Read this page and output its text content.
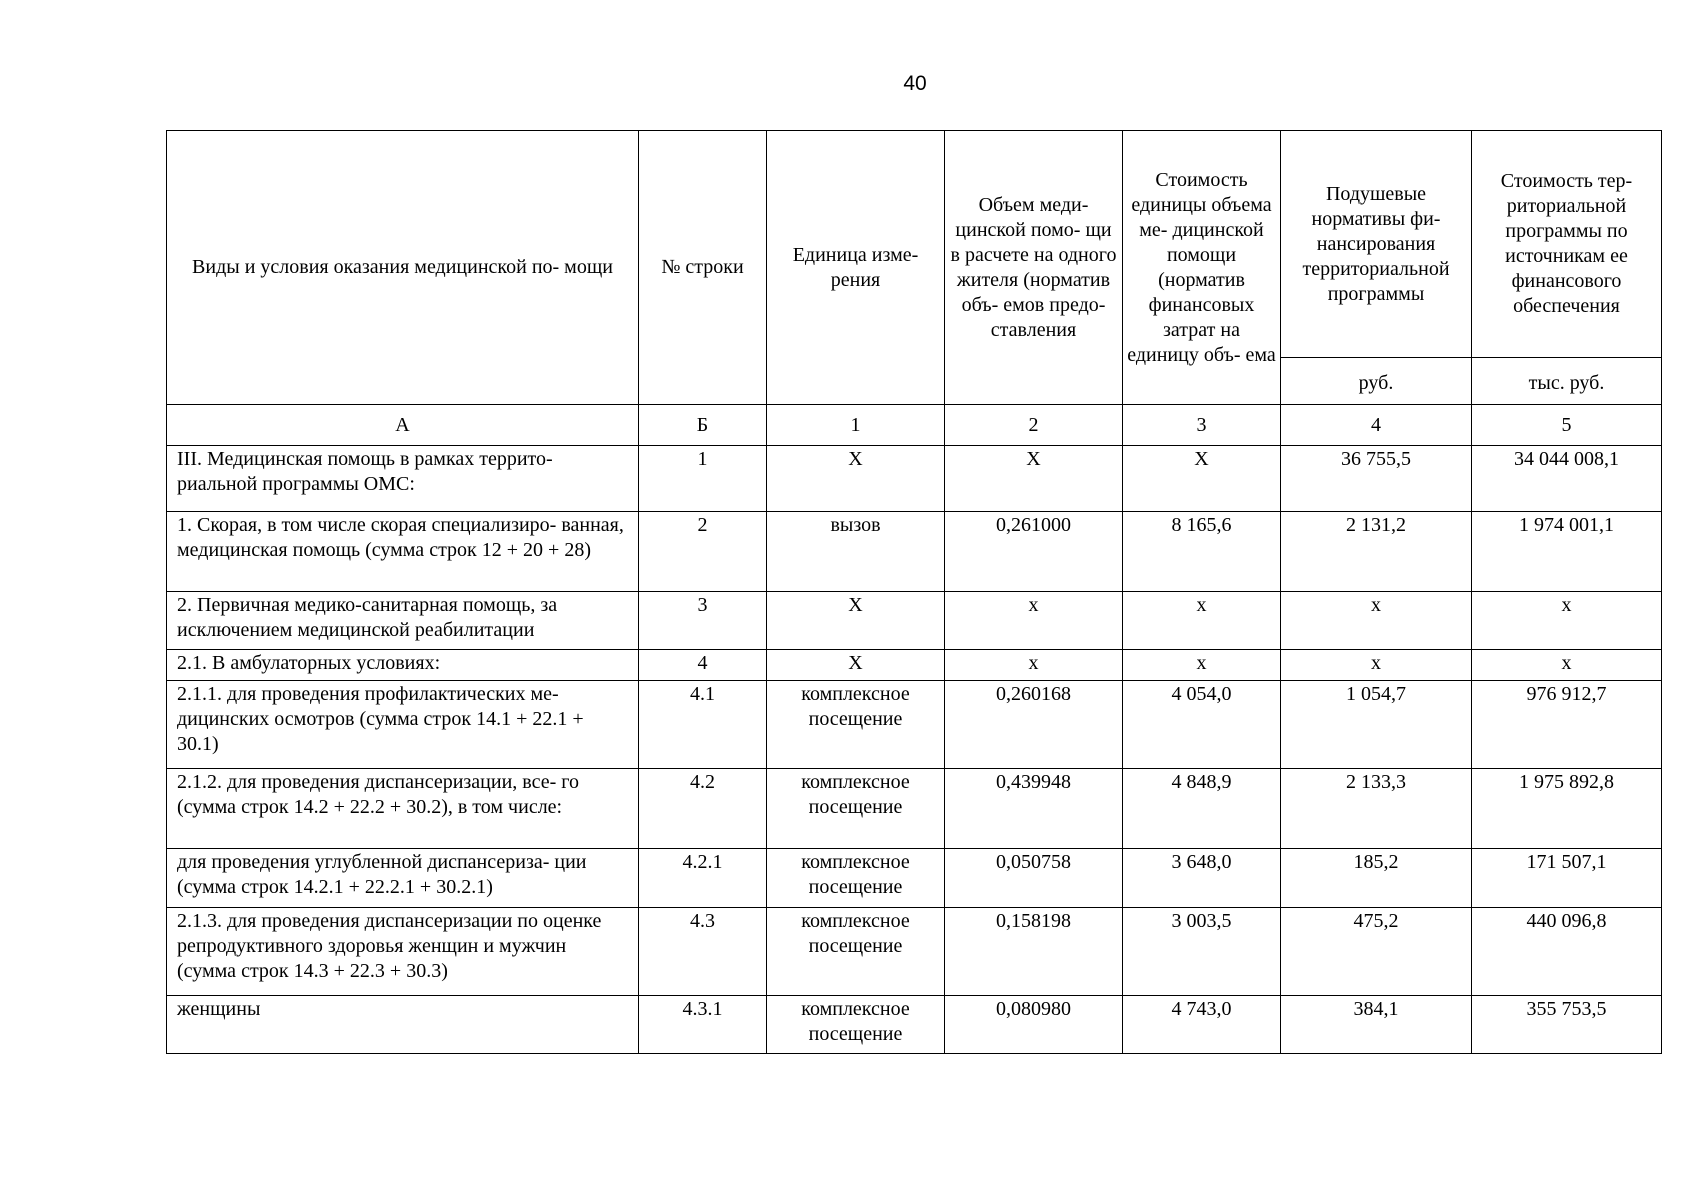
40
Виды и условия оказания медицинской по- мощи	№ строки	Единица изме- рения	Объем меди- цинской помо- щи в расчете на одного жителя (норматив объ- емов предо- ставления	Стоимость единицы объема ме- дицинской помощи (норматив финансовых затрат на единицу объ- ема	Подушевые нормативы фи- нансирования территориальной программы	Стоимость тер- риториальной программы по источникам ее финансового обеспечения
					руб.	тыс. руб.
А	Б	1	2	3	4	5
III. Медицинская помощь в рамках террито- риальной программы ОМС:	1	Х	Х	Х	36 755,5	34 044 008,1
1. Скорая, в том числе скорая специализиро- ванная, медицинская помощь (сумма строк 12 + 20 + 28)	2	вызов	0,261000	8 165,6	2 131,2	1 974 001,1
2. Первичная медико-санитарная помощь, за исключением медицинской реабилитации	3	Х	х	х	х	х
2.1. В амбулаторных условиях:	4	Х	х	х	х	х
2.1.1. для проведения профилактических ме- дицинских осмотров (сумма строк 14.1 + 22.1 + 30.1)	4.1	комплексное посещение	0,260168	4 054,0	1 054,7	976 912,7
2.1.2. для проведения диспансеризации, все- го (сумма строк 14.2 + 22.2 + 30.2), в том числе:	4.2	комплексное посещение	0,439948	4 848,9	2 133,3	1 975 892,8
для проведения углубленной диспансериза- ции (сумма строк 14.2.1 + 22.2.1 + 30.2.1)	4.2.1	комплексное посещение	0,050758	3 648,0	185,2	171 507,1
2.1.3. для проведения диспансеризации по оценке репродуктивного здоровья женщин и мужчин (сумма строк 14.3 + 22.3 + 30.3)	4.3	комплексное посещение	0,158198	3 003,5	475,2	440 096,8
женщины	4.3.1	комплексное посещение	0,080980	4 743,0	384,1	355 753,5
